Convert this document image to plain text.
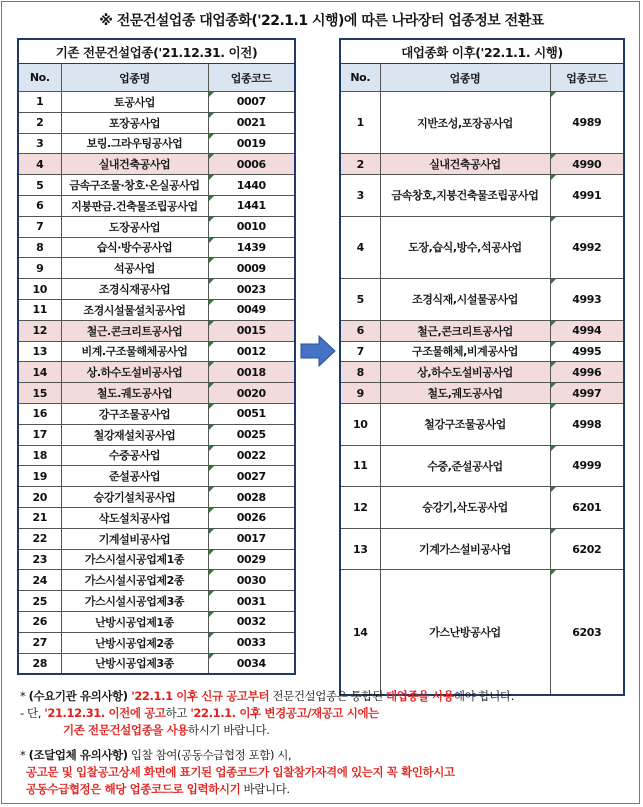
※ 전문건설업종 대업종화('22.1.1 시행)에 따른 나라장터 업종정보 전환표
기존 전문건설업종('21.12.31. 이전)		
No.	업종명	업종코드
1	토공사업	0007
2	포장공사업	0021
3	보링.그라우팅공사업	0019
4	실내건축공사업	0006
5	금속구조물·창호·온실공사업	1440
6	지붕판금.건축물조립공사업	1441
7	도장공사업	0010
8	습식·방수공사업	1439
9	석공사업	0009
10	조경식재공사업	0023
11	조경시설물설치공사업	0049
12	철근.콘크리트공사업	0015
13	비계.구조물해체공사업	0012
14	상.하수도설비공사업	0018
15	철도.궤도공사업	0020
16	강구조물공사업	0051
17	철강재설치공사업	0025
18	수중공사업	0022
19	준설공사업	0027
20	승강기설치공사업	0028
21	삭도설치공사업	0026
22	기계설비공사업	0017
23	가스시설시공업제1종	0029
24	가스시설시공업제2종	0030
25	가스시설시공업제3종	0031
26	난방시공업제1종	0032
27	난방시공업제2종	0033
28	난방시공업제3종	0034
대업종화 이후('22.1.1. 시행)		
No.	업종명	업종코드
1	지반조성,포장공사업	4989
2	실내건축공사업	4990
3	금속창호,지붕건축물조립공사업	4991
4	도장,습식,방수,석공사업	4992
5	조경식재,시설물공사업	4993
6	철근,콘크리트공사업	4994
7	구조물해체,비계공사업	4995
8	상,하수도설비공사업	4996
9	철도,궤도공사업	4997
10	철강구조물공사업	4998
11	수중,준설공사업	4999
12	승강기,삭도공사업	6201
13	기계가스설비공사업	6202
14	가스난방공사업	6203

* (수요기관 유의사항) '22.1.1 이후 신규 공고부터 전문건설업종은 통합된 대업종을 사용해야 합니다.

- 단, '21.12.31. 이전에 공고하고 '22.1.1. 이후 변경공고/재공고 시에는

기존 전문건설업종을 사용하시기 바랍니다.

* (조달업체 유의사항) 입찰 참여(공동수급협정 포함) 시,

공고문 및 입찰공고상세 화면에 표기된 업종코드가 입찰참가자격에 있는지 꼭 확인하시고

공동수급협정은 해당 업종코드로 입력하시기 바랍니다.
